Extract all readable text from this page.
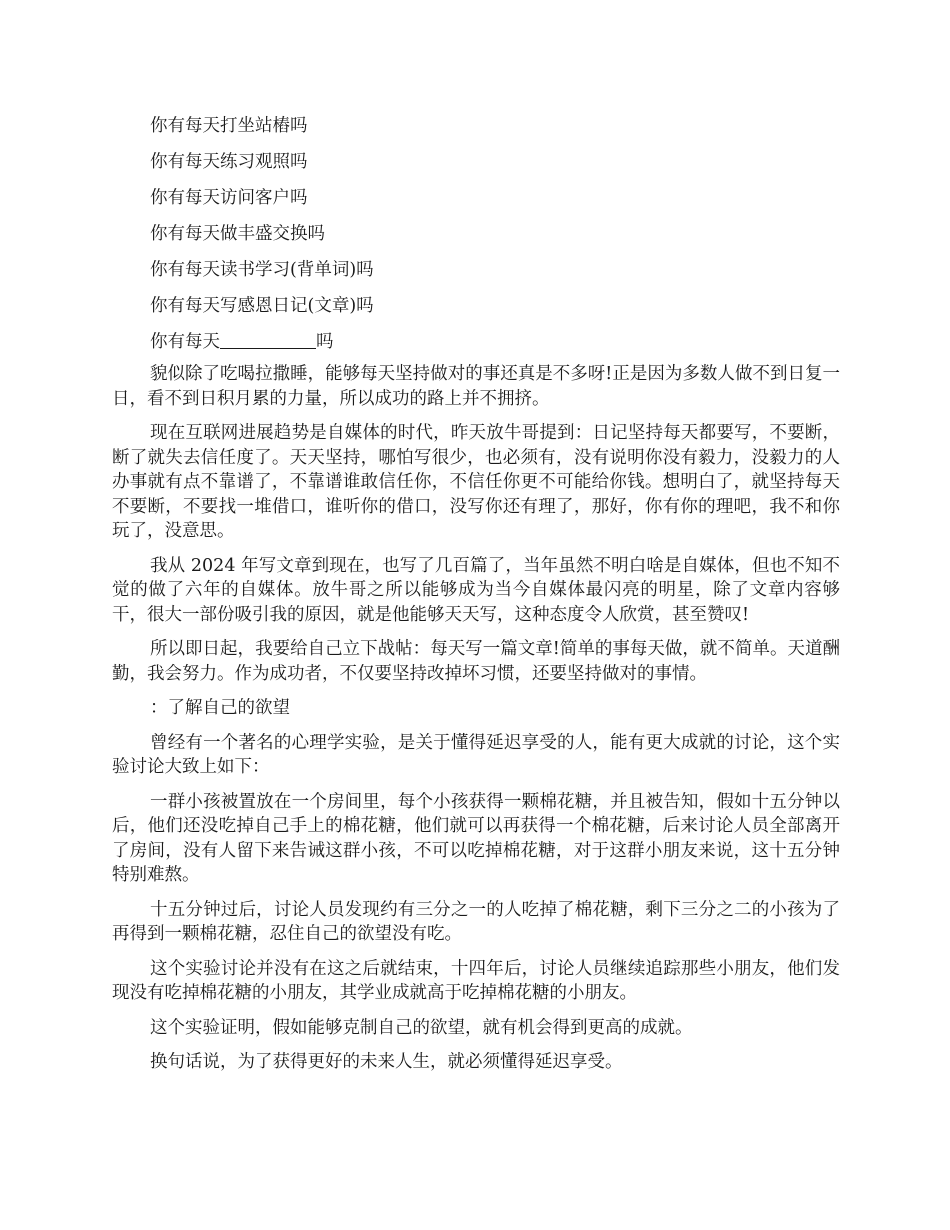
你有每天打坐站樁吗

你有每天练习观照吗

你有每天访问客户吗

你有每天做丰盛交换吗

你有每天读书学习(背单词)吗

你有每天写感恩日记(文章)吗

你有每天	吗

貌似除了吃喝拉撒睡，能够每天坚持做对的事还真是不多呀!正是因为多数人做不到日复一日，看不到日积月累的力量，所以成功的路上并不拥挤。

现在互联网进展趋势是自媒体的时代，昨天放牛哥提到：日记坚持每天都要写，不要断，断了就失去信任度了。天天坚持，哪怕写很少，也必须有，没有说明你没有毅力，没毅力的人办事就有点不靠谱了，不靠谱谁敢信任你，不信任你更不可能给你钱。想明白了，就坚持每天不要断，不要找一堆借口，谁听你的借口，没写你还有理了，那好，你有你的理吧，我不和你玩了，没意思。

我从 2024 年写文章到现在，也写了几百篇了，当年虽然不明白啥是自媒体，但也不知不觉的做了六年的自媒体。放牛哥之所以能够成为当今自媒体最闪亮的明星，除了文章内容够干，很大一部份吸引我的原因，就是他能够天天写，这种态度令人欣赏，甚至赞叹!

所以即日起，我要给自己立下战帖：每天写一篇文章!简单的事每天做，就不简单。天道酬勤，我会努力。作为成功者，不仅要坚持改掉坏习惯，还要坚持做对的事情。

：了解自己的欲望

曾经有一个著名的心理学实验，是关于懂得延迟享受的人，能有更大成就的讨论，这个实验讨论大致上如下：

一群小孩被置放在一个房间里，每个小孩获得一颗棉花糖，并且被告知，假如十五分钟以后，他们还没吃掉自己手上的棉花糖，他们就可以再获得一个棉花糖，后来讨论人员全部离开了房间，没有人留下来告诫这群小孩，不可以吃掉棉花糖，对于这群小朋友来说，这十五分钟特别难熬。

十五分钟过后，讨论人员发现约有三分之一的人吃掉了棉花糖，剩下三分之二的小孩为了再得到一颗棉花糖，忍住自己的欲望没有吃。

这个实验讨论并没有在这之后就结束，十四年后，讨论人员继续追踪那些小朋友，他们发现没有吃掉棉花糖的小朋友，其学业成就高于吃掉棉花糖的小朋友。

这个实验证明，假如能够克制自己的欲望，就有机会得到更高的成就。

换句话说，为了获得更好的未来人生，就必须懂得延迟享受。
